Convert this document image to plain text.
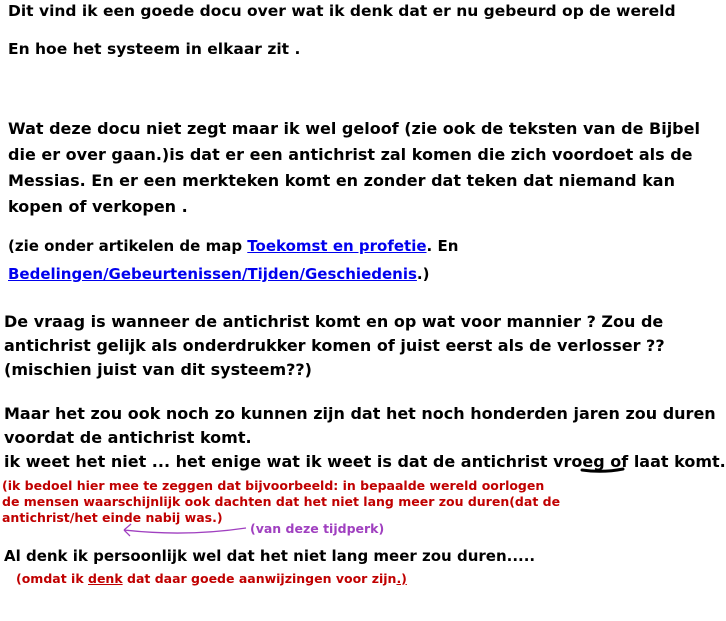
Dit vind ik een goede docu over wat ik denk dat er nu gebeurd op de wereld
En hoe het systeem in elkaar zit .
Wat deze docu niet zegt maar ik wel geloof (zie ook de teksten van de Bijbel
die er over gaan.)is dat er een antichrist zal komen die zich voordoet als de
Messias. En er een merkteken komt en zonder dat teken dat niemand kan
kopen of verkopen .
(zie onder artikelen de map Toekomst en profetie. En
Bedelingen/Gebeurtenissen/Tijden/Geschiedenis.)
De vraag is wanneer de antichrist komt en op wat voor mannier ? Zou de
antichrist gelijk als onderdrukker komen of juist eerst als de verlosser ??
(mischien juist van dit systeem??)
Maar het zou ook noch zo kunnen zijn dat het noch honderden jaren zou duren
voordat de antichrist komt.
ik weet het niet ... het enige wat ik weet is dat de antichrist vroeg of laat komt.
(ik bedoel hier mee te zeggen dat bijvoorbeeld: in bepaalde wereld oorlogen
de mensen waarschijnlijk ook dachten dat het niet lang meer zou duren(dat de
antichrist/het einde nabij was.)
(van deze tijdperk)
Al denk ik persoonlijk wel dat het niet lang meer zou duren.....
(omdat ik denk dat daar goede aanwijzingen voor zijn.)
